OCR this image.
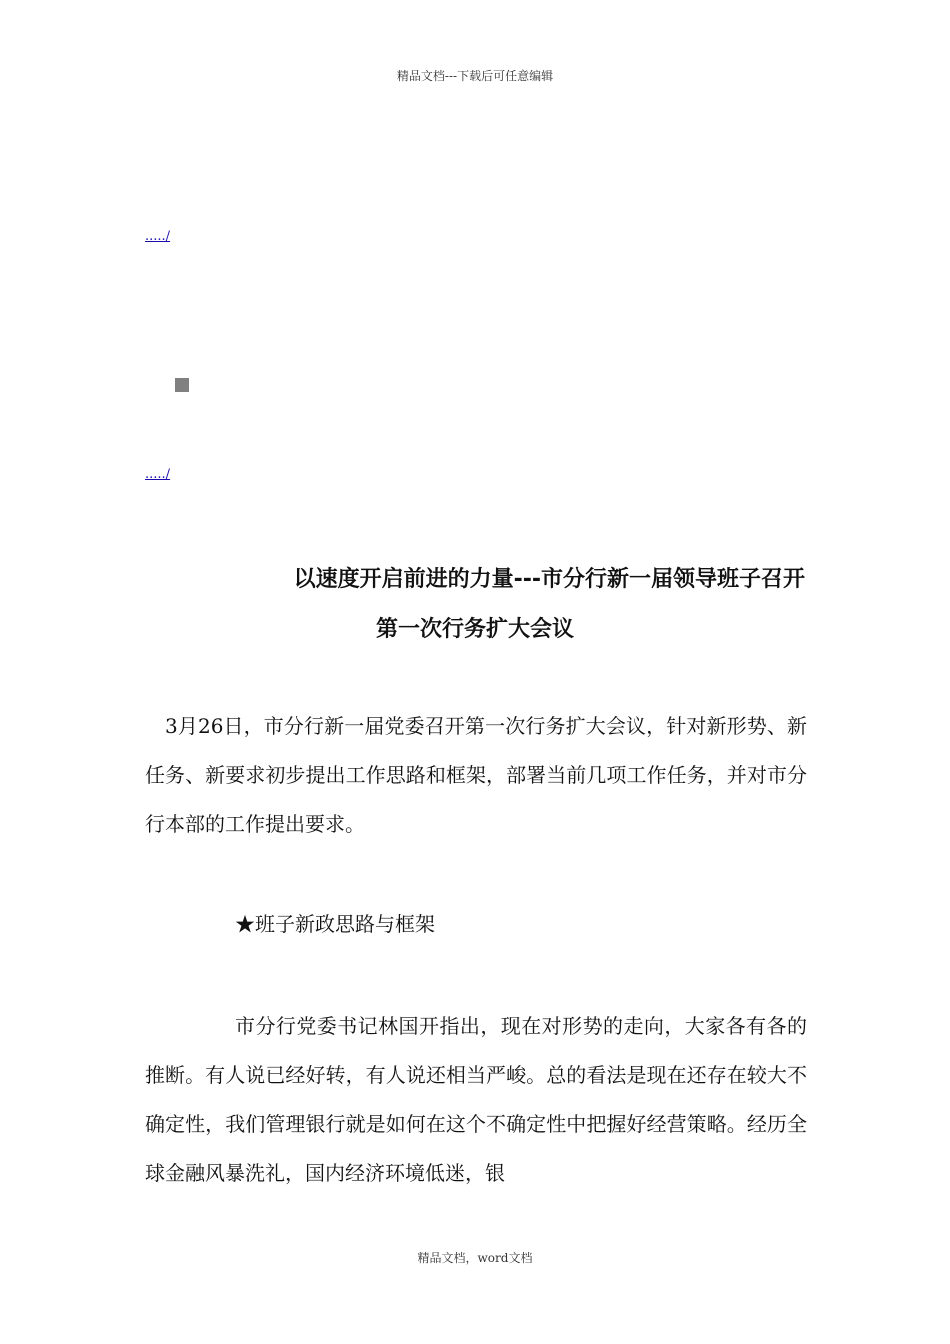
精品文档---下载后可任意编辑
...../
...../
以速度开启前进的力量---市分行新一届领导班子召开
第一次行务扩大会议

3月26日，市分行新一届党委召开第一次行务扩大会议，针对新形势、新任务、新要求初步提出工作思路和框架，部署当前几项工作任务，并对市分行本部的工作提出要求。

★班子新政思路与框架

市分行党委书记林国开指出，现在对形势的走向，大家各有各的推断。有人说已经好转，有人说还相当严峻。总的看法是现在还存在较大不确定性，我们管理银行就是如何在这个不确定性中把握好经营策略。经历全球金融风暴洗礼，国内经济环境低迷，银

精品文档，word文档
